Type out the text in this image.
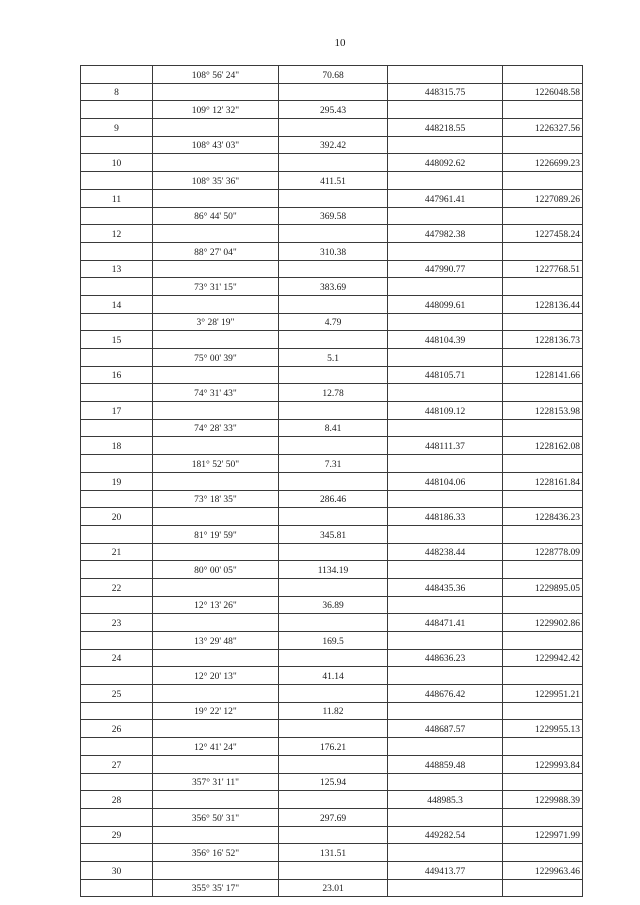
10
	108° 56' 24"	70.68		
8			448315.75	1226048.58
	109° 12' 32"	295.43		
9			448218.55	1226327.56
	108° 43' 03"	392.42		
10			448092.62	1226699.23
	108° 35' 36"	411.51		
11			447961.41	1227089.26
	86° 44' 50"	369.58		
12			447982.38	1227458.24
	88° 27' 04"	310.38		
13			447990.77	1227768.51
	73° 31' 15"	383.69		
14			448099.61	1228136.44
	3° 28' 19"	4.79		
15			448104.39	1228136.73
	75° 00' 39"	5.1		
16			448105.71	1228141.66
	74° 31' 43"	12.78		
17			448109.12	1228153.98
	74° 28' 33"	8.41		
18			448111.37	1228162.08
	181° 52' 50"	7.31		
19			448104.06	1228161.84
	73° 18' 35"	286.46		
20			448186.33	1228436.23
	81° 19' 59"	345.81		
21			448238.44	1228778.09
	80° 00' 05"	1134.19		
22			448435.36	1229895.05
	12° 13' 26"	36.89		
23			448471.41	1229902.86
	13° 29' 48"	169.5		
24			448636.23	1229942.42
	12° 20' 13"	41.14		
25			448676.42	1229951.21
	19° 22' 12"	11.82		
26			448687.57	1229955.13
	12° 41' 24"	176.21		
27			448859.48	1229993.84
	357° 31' 11"	125.94		
28			448985.3	1229988.39
	356° 50' 31"	297.69		
29			449282.54	1229971.99
	356° 16' 52"	131.51		
30			449413.77	1229963.46
	355° 35' 17"	23.01		
